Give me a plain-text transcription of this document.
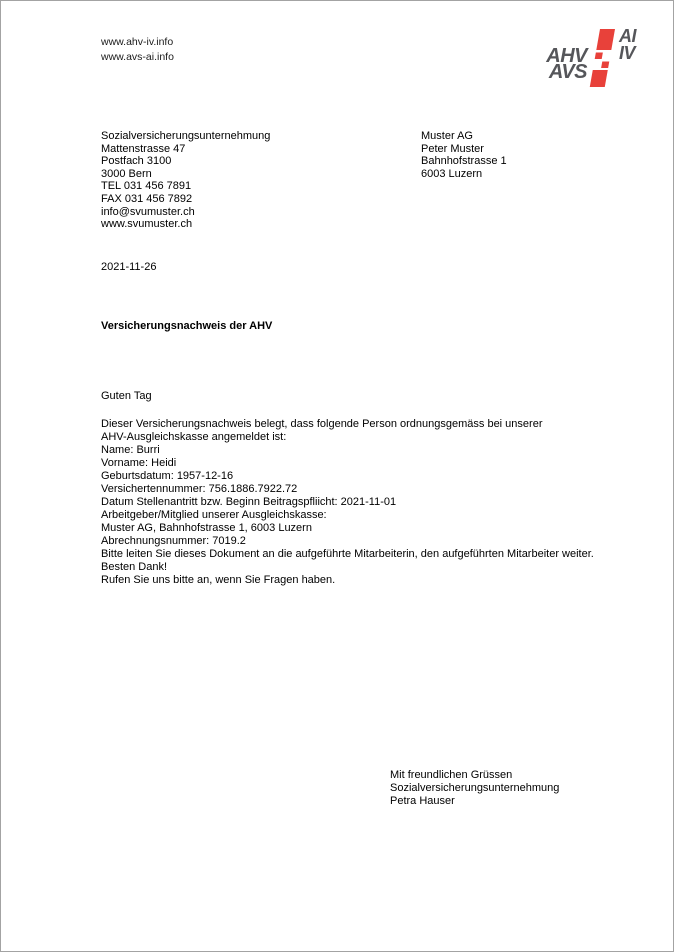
www.ahv-iv.info
www.avs-ai.info	AHV
AVS
AI
IV
Sozialversicherungsunternehmung
Mattenstrasse 47
Postfach 3100
3000 Bern
TEL 031 456 7891
FAX 031 456 7892
info@svumuster.ch
www.svumuster.ch
Muster AG
Peter Muster
Bahnhofstrasse 1
6003 Luzern
2021-11-26
Versicherungsnachweis der AHV
Guten Tag
Dieser Versicherungsnachweis belegt, dass folgende Person ordnungsgemäss bei unserer
AHV-Ausgleichskasse angemeldet ist:
Name: Burri
Vorname: Heidi
Geburtsdatum: 1957-12-16
Versichertennummer: 756.1886.7922.72
Datum Stellenantritt bzw. Beginn Beitragspfliicht: 2021-11-01
Arbeitgeber/Mitglied unserer Ausgleichskasse:
Muster AG, Bahnhofstrasse 1, 6003 Luzern
Abrechnungsnummer: 7019.2
Bitte leiten Sie dieses Dokument an die aufgeführte Mitarbeiterin, den aufgeführten Mitarbeiter weiter.
Besten Dank!
Rufen Sie uns bitte an, wenn Sie Fragen haben.
Mit freundlichen Grüssen
Sozialversicherungsunternehmung
Petra Hauser
